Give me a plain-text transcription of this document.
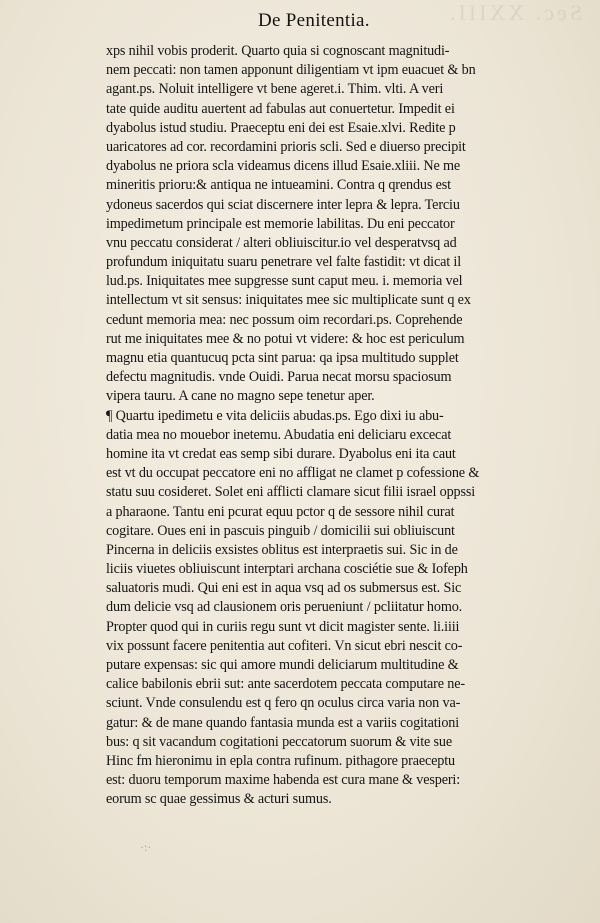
Sec. XXIII.
De Penitentia.
xps nihil vobis proderit. Quarto quia si cognoscant magnitudi-
nem peccati: non tamen apponunt diligentiam vt ipm euacuet & bn
agant.ps. Noluit intelligere vt bene ageret.i. Thim. vlti. A veri
tate quide auditu auertent ad fabulas aut conuertetur. Impedit ei
dyabolus istud studiu. Praeceptu eni dei est Esaie.xlvi. Redite p
uaricatores ad cor. recordamini prioris scli. Sed e diuerso precipit
dyabolus ne priora scla videamus dicens illud Esaie.xliii. Ne me
mineritis prioru:& antiqua ne intueamini. Contra q qrendus est
ydoneus sacerdos qui sciat discernere inter lepra & lepra. Terciu
impedimetum principale est memorie labilitas. Du eni peccator
vnu peccatu considerat / alteri obliuiscitur.io vel desperatvsq ad
profundum iniquitatu suaru penetrare vel falte fastidit: vt dicat il
lud.ps. Iniquitates mee supgresse sunt caput meu. i. memoria vel
intellectum vt sit sensus: iniquitates mee sic multiplicate sunt q ex
cedunt memoria mea: nec possum oim recordari.ps. Coprehende
rut me iniquitates mee & no potui vt videre: & hoc est periculum
magnu etia quantucuq pcta sint parua: qa ipsa multitudo supplet
defectu magnitudis. vnde Ouidi. Parua necat morsu spaciosum
vipera tauru. A cane no magno sepe tenetur aper.
¶ Quartu ipedimetu e vita deliciis abudas.ps. Ego dixi iu abu-
datia mea no mouebor inetemu. Abudatia eni deliciaru excecat
homine ita vt credat eas semp sibi durare. Dyabolus eni ita caut
est vt du occupat peccatore eni no affligat ne clamet p cofessione &
statu suu cosideret. Solet eni afflicti clamare sicut filii israel oppssi
a pharaone. Tantu eni pcurat equu pctor q de sessore nihil curat
cogitare. Oues eni in pascuis pinguib / domicilii sui obliuiscunt
Pincerna in deliciis exsistes oblitus est interpraetis sui. Sic in de
liciis viuetes obliuiscunt interptari archana cosciétie sue & Iofeph
saluatoris mudi. Qui eni est in aqua vsq ad os submersus est. Sic
dum delicie vsq ad clausionem oris perueniunt / pcliitatur homo.
Propter quod qui in curiis regu sunt vt dicit magister sente. li.iiii
vix possunt facere penitentia aut cofiteri. Vn sicut ebri nescit co-
putare expensas: sic qui amore mundi deliciarum multitudine &
calice babilonis ebrii sut: ante sacerdotem peccata computare ne-
sciunt. Vnde consulendu est q fero qn oculus circa varia non va-
gatur: & de mane quando fantasia munda est a variis cogitationi
bus: q sit vacandum cogitationi peccatorum suorum & vite sue
Hinc fm hieronimu in epla contra rufinum. pithagore praeceptu
est: duoru temporum maxime habenda est cura mane & vesperi:
eorum sc quae gessimus & acturi sumus.
·:·
